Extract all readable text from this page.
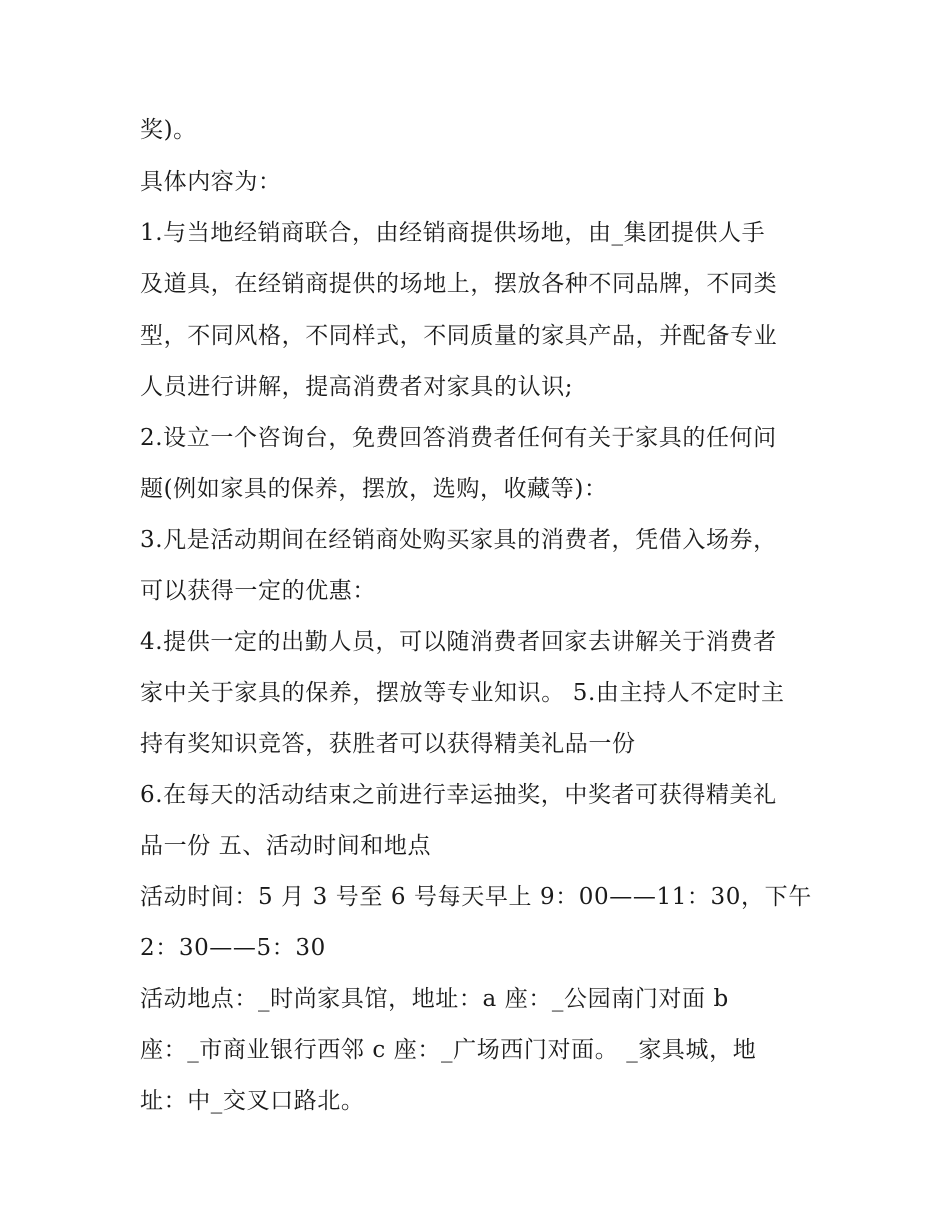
奖)。
具体内容为：
1.与当地经销商联合，由经销商提供场地，由_集团提供人手
及道具，在经销商提供的场地上，摆放各种不同品牌，不同类
型，不同风格，不同样式，不同质量的家具产品，并配备专业
人员进行讲解，提高消费者对家具的认识;
2.设立一个咨询台，免费回答消费者任何有关于家具的任何问
题(例如家具的保养，摆放，选购，收藏等)：
3.凡是活动期间在经销商处购买家具的消费者，凭借入场券，
可以获得一定的优惠：
4.提供一定的出勤人员，可以随消费者回家去讲解关于消费者
家中关于家具的保养，摆放等专业知识。 5.由主持人不定时主
持有奖知识竞答，获胜者可以获得精美礼品一份
6.在每天的活动结束之前进行幸运抽奖，中奖者可获得精美礼
品一份 五、活动时间和地点
活动时间：5 月 3 号至 6 号每天早上 9：00——11：30，下午
2：30——5：30
活动地点：_时尚家具馆，地址：a 座：_公园南门对面 b
座：_市商业银行西邻 c 座：_广场西门对面。 _家具城，地
址：中_交叉口路北。
